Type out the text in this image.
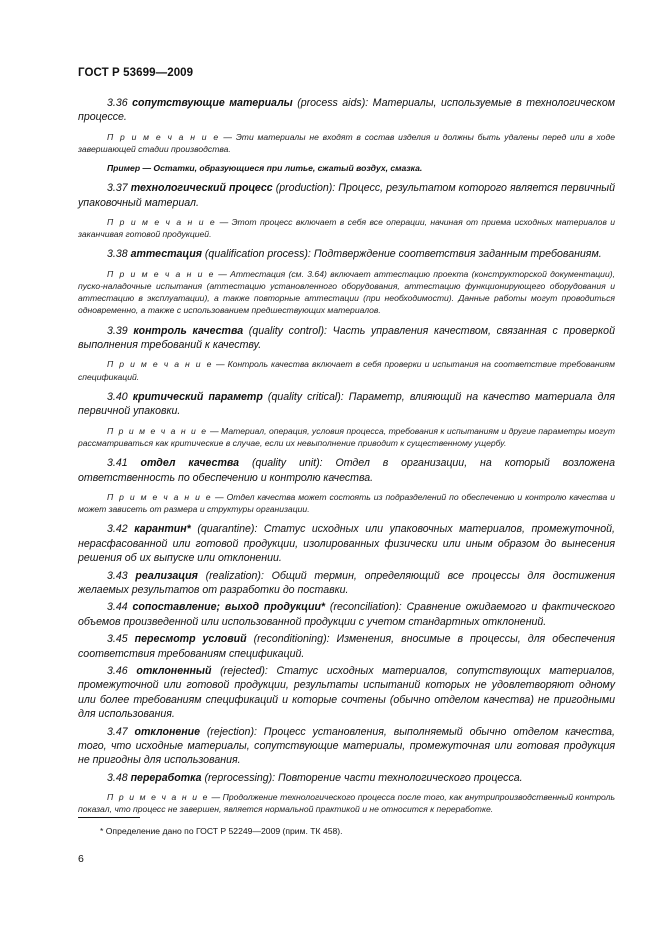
ГОСТ Р 53699—2009

3.36 сопутствующие материалы (process aids): Материалы, используемые в технологическом процессе.

П р и м е ч а н и е — Эти материалы не входят в состав изделия и должны быть удалены перед или в ходе завершающей стадии производства.

Пример — Остатки, образующиеся при литье, сжатый воздух, смазка.

3.37 технологический процесс (production): Процесс, результатом которого является первичный упаковочный материал.

П р и м е ч а н и е — Этот процесс включает в себя все операции, начиная от приема исходных материалов и заканчивая готовой продукцией.

3.38 аттестация (qualification process): Подтверждение соответствия заданным требованиям.

П р и м е ч а н и е — Аттестация (см. 3.64) включает аттестацию проекта (конструкторской документации), пуско-наладочные испытания (аттестацию установленного оборудования, аттестацию функционирующего оборудования и аттестацию в эксплуатации), а также повторные аттестации (при необходимости). Данные работы могут проводиться одновременно, а также с использованием предшествующих материалов.

3.39 контроль качества (quality control): Часть управления качеством, связанная с проверкой выполнения требований к качеству.

П р и м е ч а н и е — Контроль качества включает в себя проверки и испытания на соответствие требованиям спецификаций.

3.40 критический параметр (quality critical): Параметр, влияющий на качество материала для первичной упаковки.

П р и м е ч а н и е — Материал, операция, условия процесса, требования к испытаниям и другие параметры могут рассматриваться как критические в случае, если их невыполнение приводит к существенному ущербу.

3.41 отдел качества (quality unit): Отдел в организации, на который возложена ответственность по обеспечению и контролю качества.

П р и м е ч а н и е — Отдел качества может состоять из подразделений по обеспечению и контролю качества и может зависеть от размера и структуры организации.

3.42 карантин* (quarantine): Статус исходных или упаковочных материалов, промежуточной, нерасфасованной или готовой продукции, изолированных физически или иным образом до вынесения решения об их выпуске или отклонении.

3.43 реализация (realization): Общий термин, определяющий все процессы для достижения желаемых результатов от разработки до поставки.

3.44 сопоставление; выход продукции* (reconciliation): Сравнение ожидаемого и фактического объемов произведенной или использованной продукции с учетом стандартных отклонений.

3.45 пересмотр условий (reconditioning): Изменения, вносимые в процессы, для обеспечения соответствия требованиям спецификаций.

3.46 отклоненный (rejected): Статус исходных материалов, сопутствующих материалов, промежуточной или готовой продукции, результаты испытаний которых не удовлетворяют одному или более требованиям спецификаций и которые сочтены (обычно отделом качества) не пригодными для использования.

3.47 отклонение (rejection): Процесс установления, выполняемый обычно отделом качества, того, что исходные материалы, сопутствующие материалы, промежуточная или готовая продукция не пригодны для использования.

3.48 переработка (reprocessing): Повторение части технологического процесса.

П р и м е ч а н и е — Продолжение технологического процесса после того, как внутрипроизводственный контроль показал, что процесс не завершен, является нормальной практикой и не относится к переработке.

* Определение дано по ГОСТ Р 52249—2009 (прим. ТК 458).
6
